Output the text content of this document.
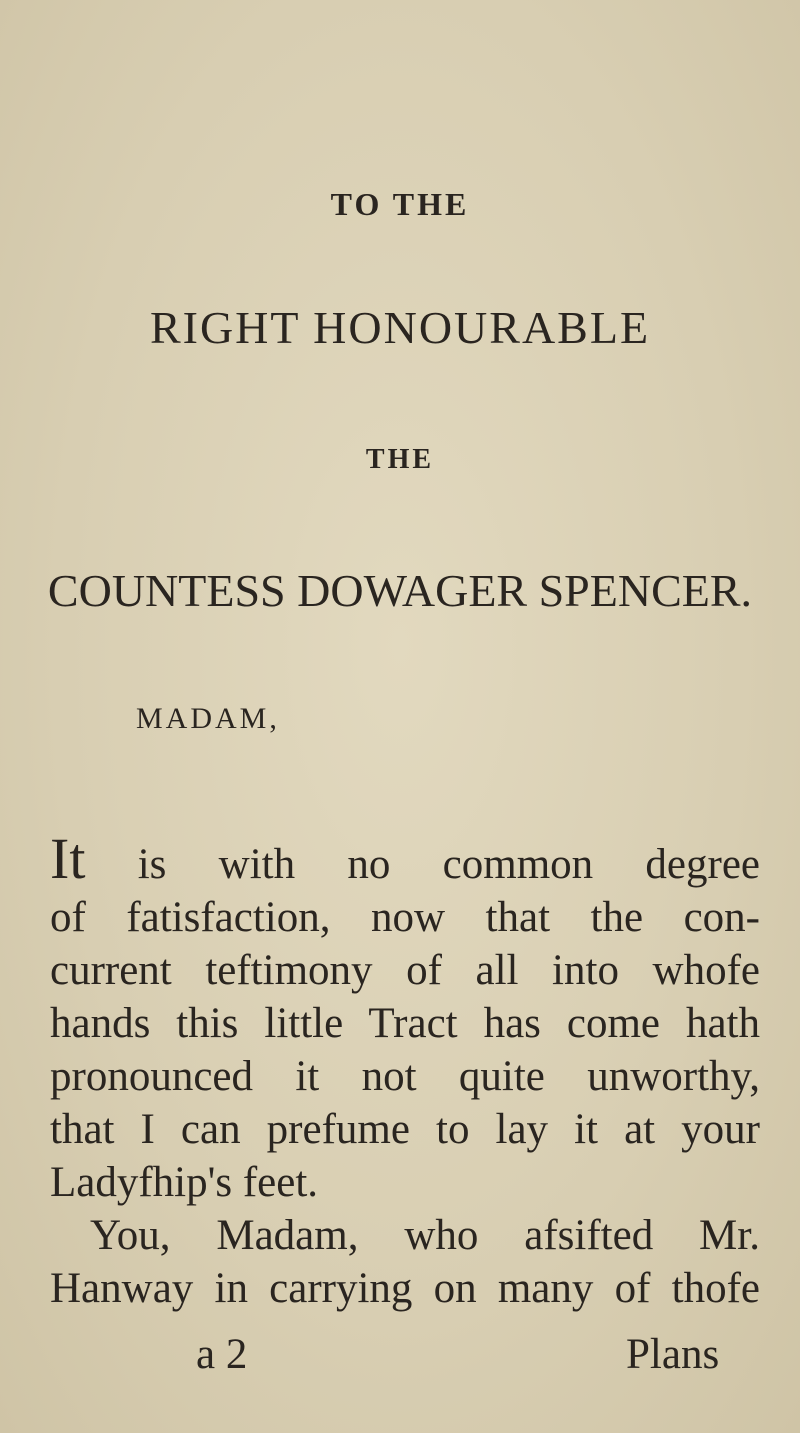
TO THE
RIGHT HONOURABLE
THE
COUNTESS DOWAGER SPENCER.
MADAM,
It is with no common degree
of fatisfaction, now that the con-
current teftimony of all into whofe
hands this little Tract has come hath
pronounced it not quite unworthy,
that I can prefume to lay it at your
Ladyfhip's feet.
You, Madam, who afsifted Mr.
Hanway in carrying on many of thofe
a 2	Plans
